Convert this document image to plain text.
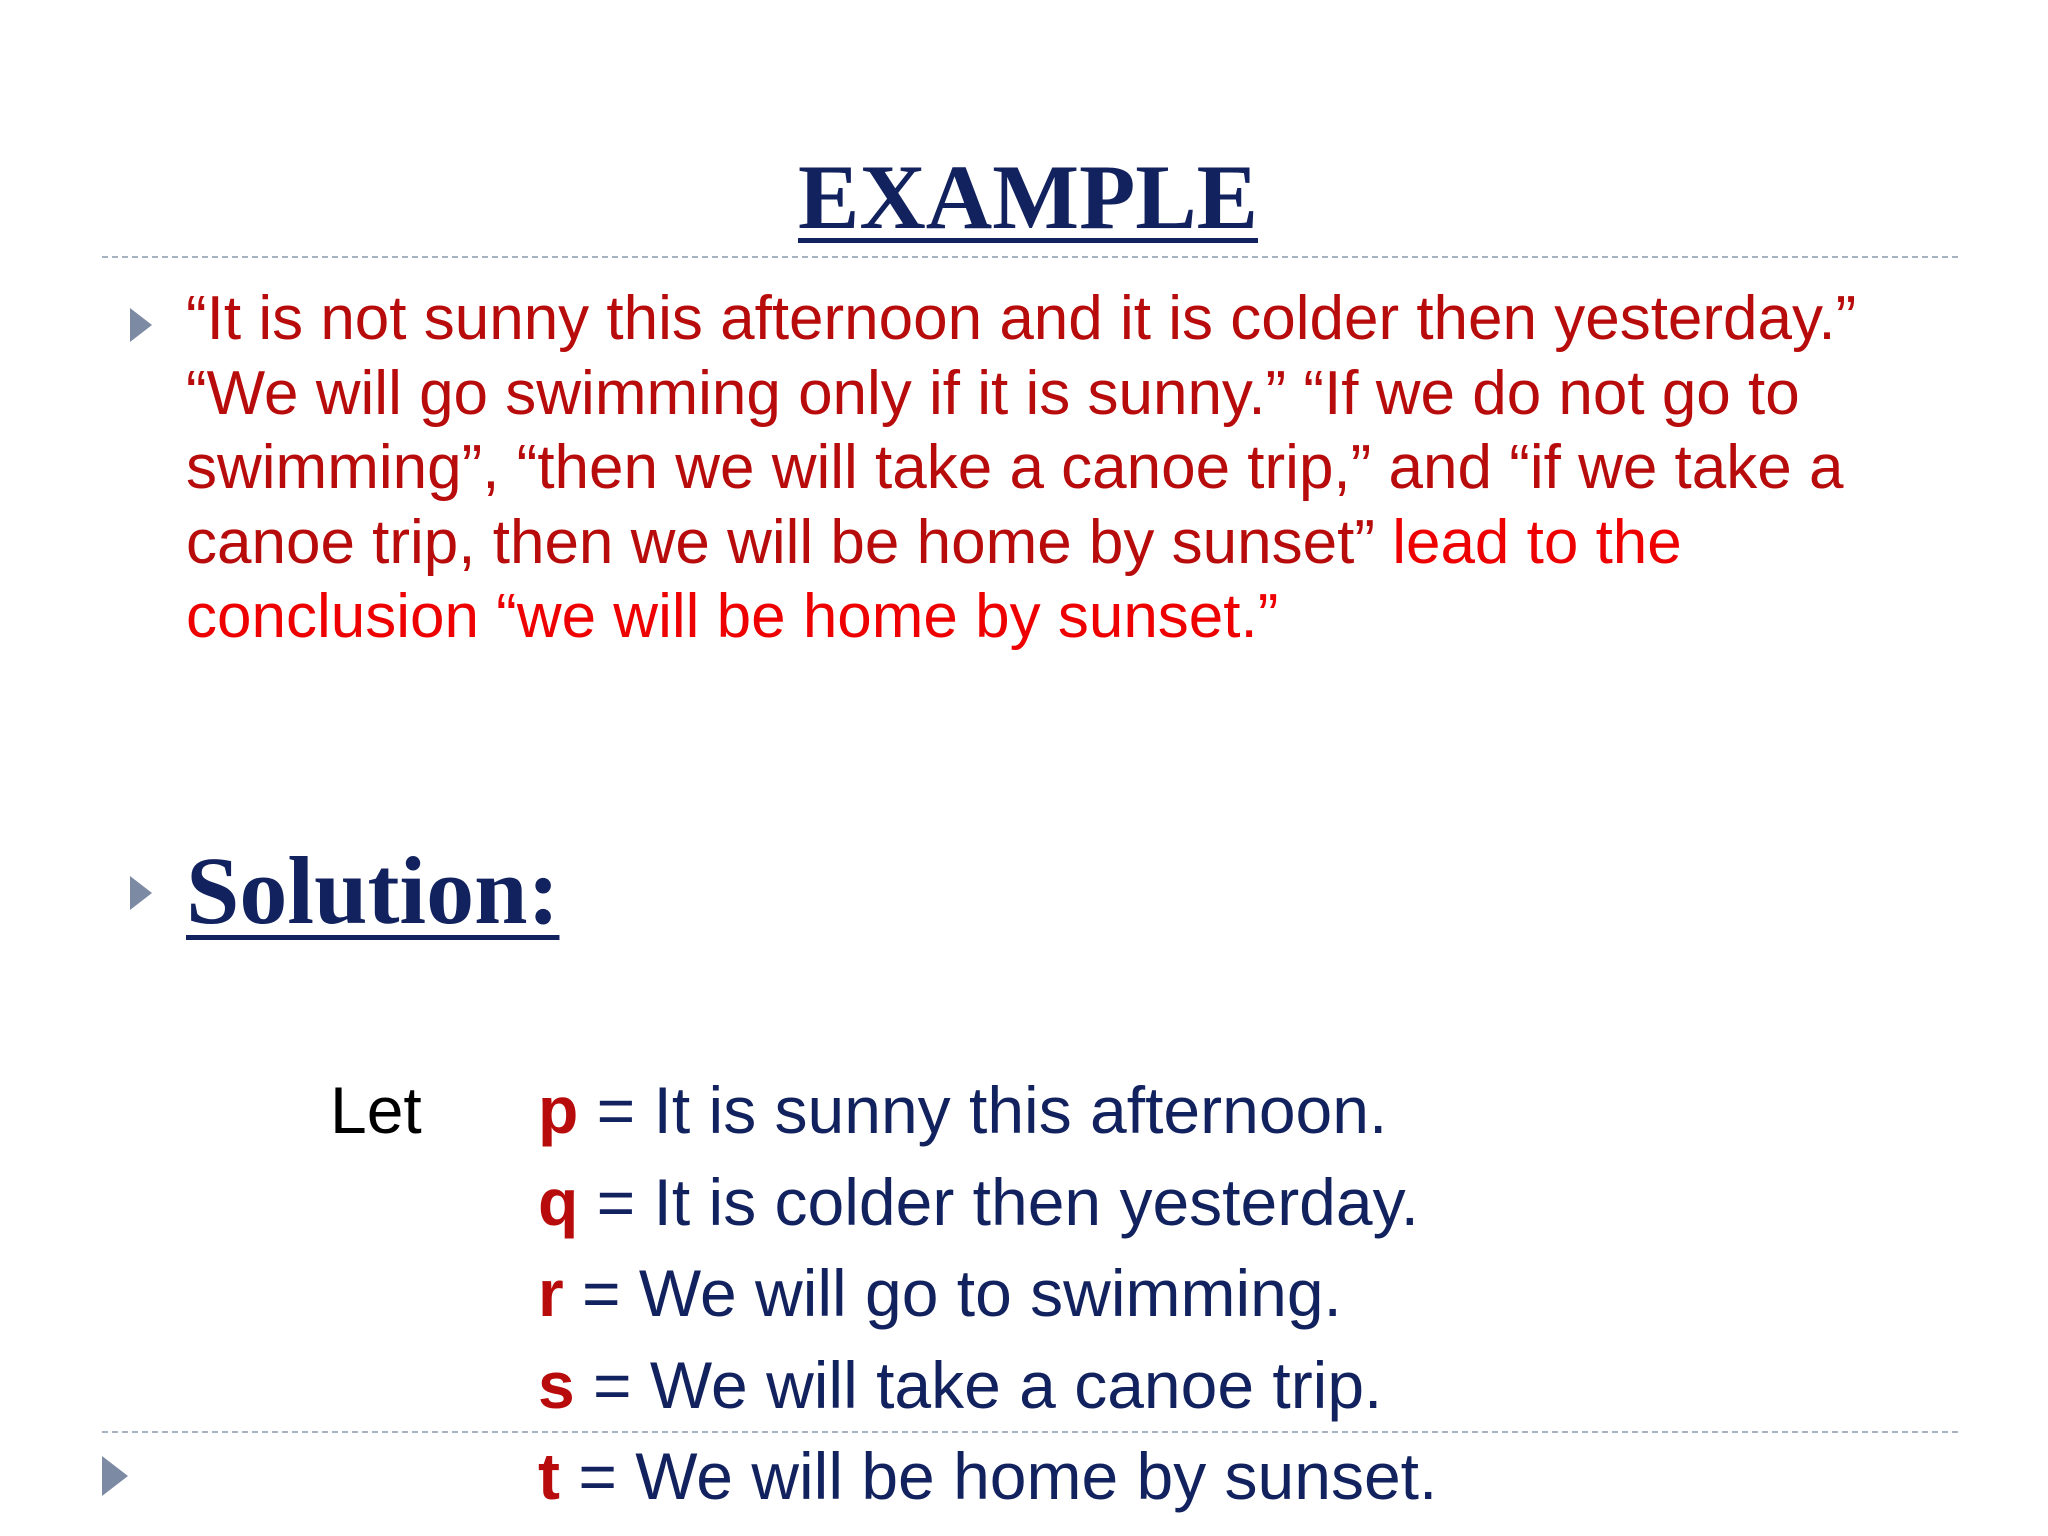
EXAMPLE

“It is not sunny this afternoon and it is colder then yesterday.” “We will go swimming only if it is sunny.” “If we do not go to swimming”, “then we will take a canoe trip,” and “if we take a canoe trip, then we will be home by sunset” lead to the conclusion “we will be home by sunset.”

Solution:
Let p = It is sunny this afternoon.
q = It is colder then yesterday.
r = We will go to swimming.
s = We will take a canoe trip.
t = We will be home by sunset.
